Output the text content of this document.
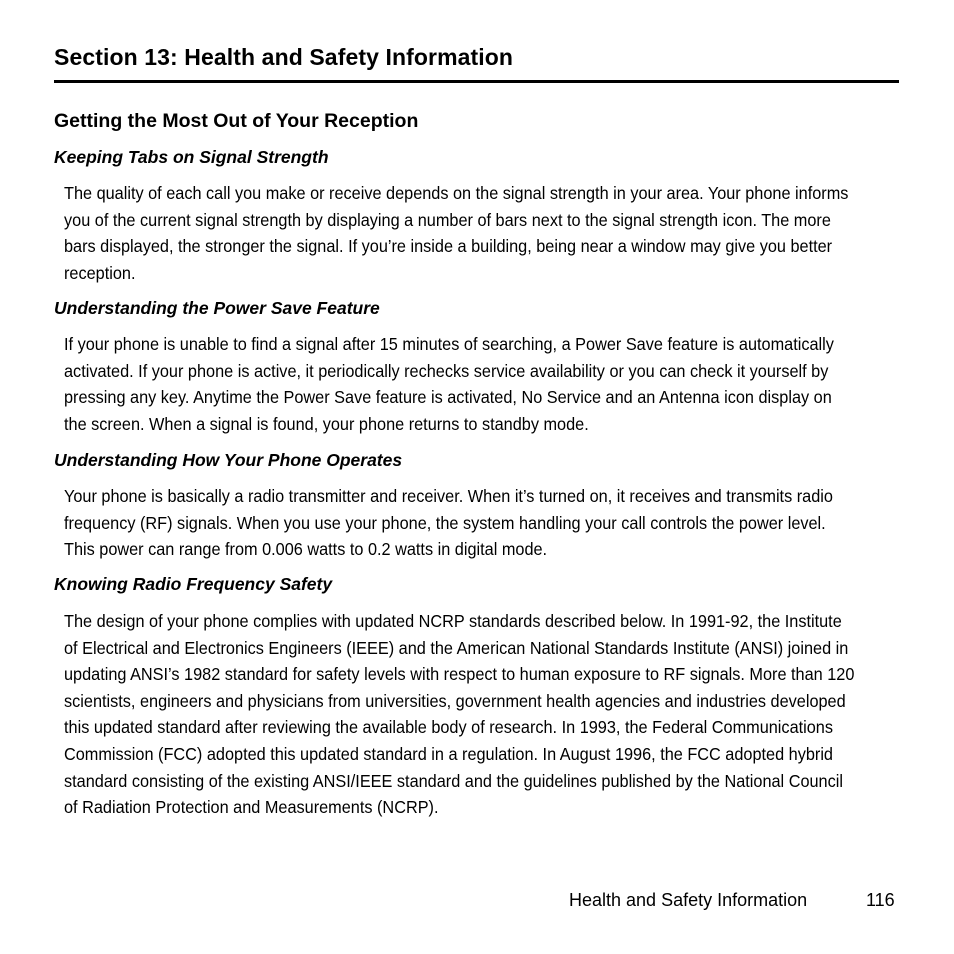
Section 13: Health and Safety Information
Getting the Most Out of Your Reception
Keeping Tabs on Signal Strength

The quality of each call you make or receive depends on the signal strength in your area. Your phone informs
you of the current signal strength by displaying a number of bars next to the signal strength icon. The more
bars displayed, the stronger the signal. If you’re inside a building, being near a window may give you better
reception.

Understanding the Power Save Feature

If your phone is unable to find a signal after 15 minutes of searching, a Power Save feature is automatically
activated. If your phone is active, it periodically rechecks service availability or you can check it yourself by
pressing any key. Anytime the Power Save feature is activated, No Service and an Antenna icon display on
the screen. When a signal is found, your phone returns to standby mode.

Understanding How Your Phone Operates

Your phone is basically a radio transmitter and receiver. When it’s turned on, it receives and transmits radio
frequency (RF) signals. When you use your phone, the system handling your call controls the power level.
This power can range from 0.006 watts to 0.2 watts in digital mode.

Knowing Radio Frequency Safety

The design of your phone complies with updated NCRP standards described below. In 1991-92, the Institute
of Electrical and Electronics Engineers (IEEE) and the American National Standards Institute (ANSI) joined in
updating ANSI’s 1982 standard for safety levels with respect to human exposure to RF signals. More than 120
scientists, engineers and physicians from universities, government health agencies and industries developed
this updated standard after reviewing the available body of research. In 1993, the Federal Communications
Commission (FCC) adopted this updated standard in a regulation. In August 1996, the FCC adopted hybrid
standard consisting of the existing ANSI/IEEE standard and the guidelines published by the National Council
of Radiation Protection and Measurements (NCRP).

Health and Safety Information	116
